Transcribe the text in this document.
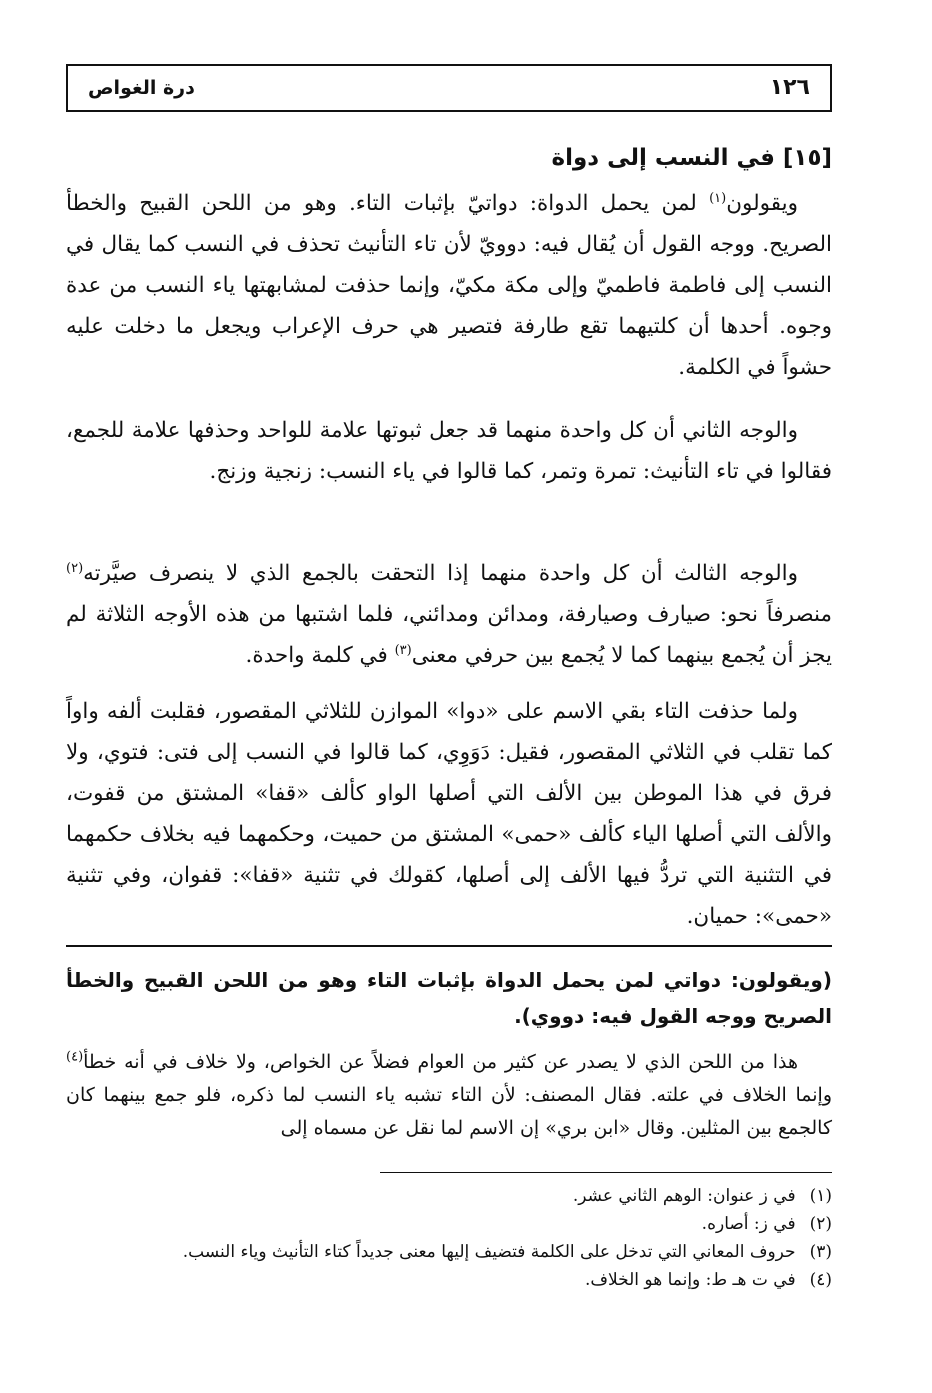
١٢٦
درة الغواص
[١٥] في النسب إلى دواة

ويقولون$^{(١)}$ لمن يحمل الدواة: دواتيّ بإثبات التاء. وهو من اللحن القبيح والخطأ الصريح. ووجه القول أن يُقال فيه: دوويّ لأن تاء التأنيث تحذف في النسب كما يقال في النسب إلى فاطمة فاطميّ وإلى مكة مكيّ، وإنما حذفت لمشابهتها ياء النسب من عدة وجوه. أحدها أن كلتيهما تقع طارفة فتصير هي حرف الإعراب ويجعل ما دخلت عليه حشواً في الكلمة.

والوجه الثاني أن كل واحدة منهما قد جعل ثبوتها علامة للواحد وحذفها علامة للجمع، فقالوا في تاء التأنيث: تمرة وتمر، كما قالوا في ياء النسب: زنجية وزنج.

والوجه الثالث أن كل واحدة منهما إذا التحقت بالجمع الذي لا ينصرف صيَّرته$^{(٢)}$ منصرفاً نحو: صيارف وصيارفة، ومدائن ومدائني، فلما اشتبها من هذه الأوجه الثلاثة لم يجز أن يُجمع بينهما كما لا يُجمع بين حرفي معنى$^{(٣)}$ في كلمة واحدة.

ولما حذفت التاء بقي الاسم على «دوا» الموازن للثلاثي المقصور، فقلبت ألفه واواً كما تقلب في الثلاثي المقصور، فقيل: دَوَوِي، كما قالوا في النسب إلى فتى: فتوي، ولا فرق في هذا الموطن بين الألف التي أصلها الواو كألف «قفا» المشتق من قفوت، والألف التي أصلها الياء كألف «حمى» المشتق من حميت، وحكمهما فيه بخلاف حكمهما في التثنية التي تردُّ فيها الألف إلى أصلها، كقولك في تثنية «قفا»: قفوان، وفي تثنية «حمى»: حميان.

(ويقولون: دواتي لمن يحمل الدواة بإثبات التاء وهو من اللحن القبيح والخطأ الصريح ووجه القول فيه: دووي).

هذا من اللحن الذي لا يصدر عن كثير من العوام فضلاً عن الخواص، ولا خلاف في أنه خطأ$^{(٤)}$ وإنما الخلاف في علته. فقال المصنف: لأن التاء تشبه ياء النسب لما ذكره، فلو جمع بينهما كان كالجمع بين المثلين. وقال «ابن بري» إن الاسم لما نقل عن مسماه إلى

(١)
في ز عنوان: الوهم الثاني عشر.
(٢)
في ز: أصاره.
(٣)
حروف المعاني التي تدخل على الكلمة فتضيف إليها معنى جديداً كتاء التأنيث وياء النسب.
(٤)
في ت هـ ط: وإنما هو الخلاف.
